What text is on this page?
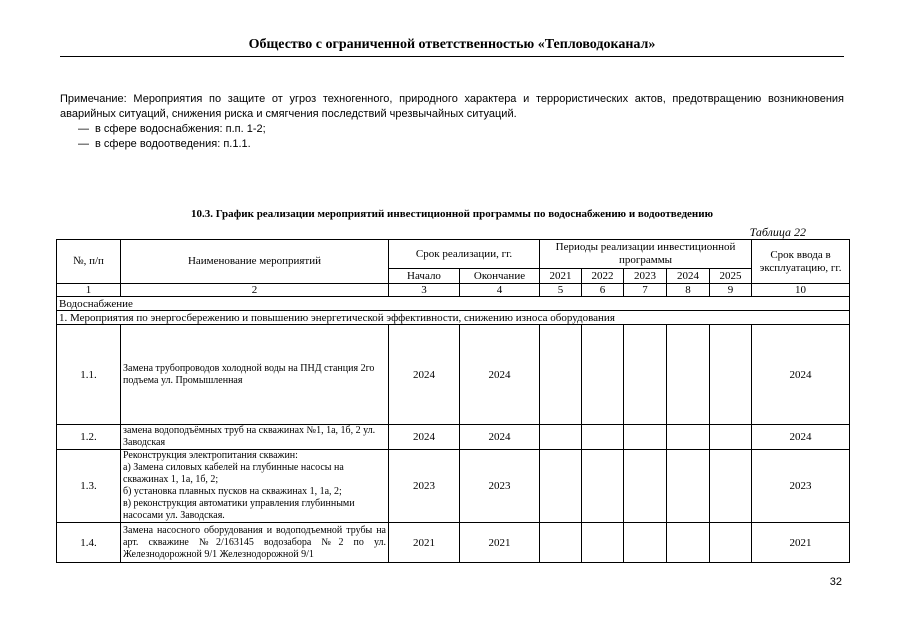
Общество с ограниченной ответственностью «Тепловодоканал»

Примечание: Мероприятия по защите от угроз техногенного, природного характера и террористических актов, предотвращению возникновения аварийных ситуаций, снижения риска и смягчения последствий чрезвычайных ситуаций.

— в сфере водоснабжения: п.п. 1-2;
— в сфере водоотведения: п.1.1.
10.3. График реализации мероприятий инвестиционной программы по водоснабжению и водоотведению
Таблица 22
№, п/п	Наименование мероприятий	Срок реализации, гг.		Периоды реализации инвестиционной программы					Срок ввода в эксплуатацию, гг.
		Начало	Окончание	2021	2022	2023	2024	2025	
1	2	3	4	5	6	7	8	9	10
Водоснабжение									
1. Мероприятия по энергосбережению и повышению энергетической эффективности, снижению износа оборудования									
1.1.	Замена трубопроводов холодной воды на ПНД станция 2го подъема ул. Промышленная	2024	2024						2024
1.2.	замена водоподъёмных труб на скважинах №1, 1а, 1б, 2 ул. Заводская	2024	2024						2024
1.3.	Реконструкция электропитания скважин:
а) Замена силовых кабелей на глубинные насосы на скважинах 1, 1а, 1б, 2;
б) установка плавных пусков на скважинах 1, 1а, 2;
в) реконструкция автоматики управления глубинными насосами ул. Заводская.	2023	2023						2023
1.4.	Замена насосного оборудования и водоподъемной трубы на арт. скважине №2/163145 водозабора №2 по ул. Железнодорожной 9/1 Железнодорожной 9/1	2021	2021						2021
32
